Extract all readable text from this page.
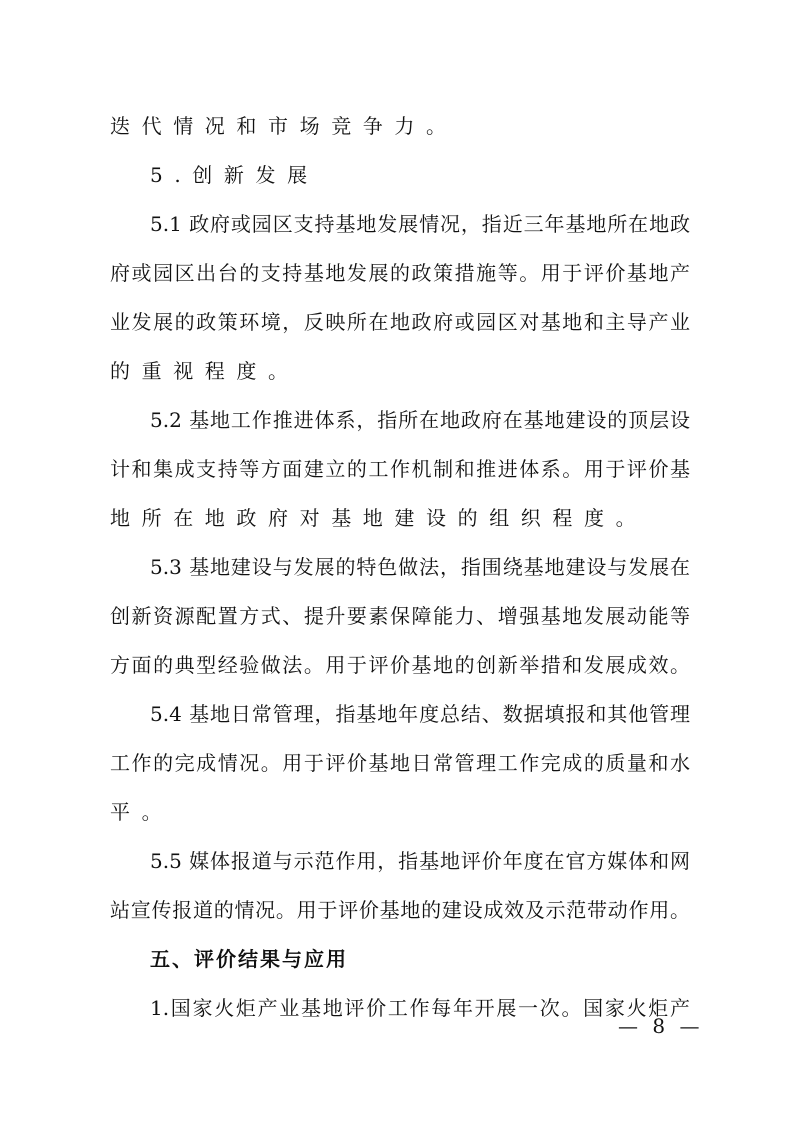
迭代情况和市场竞争力。
5.创新发展
5.1 政府或园区支持基地发展情况，指近三年基地所在地政
府或园区出台的支持基地发展的政策措施等。用于评价基地产
业发展的政策环境，反映所在地政府或园区对基地和主导产业
的重视程度。
5.2 基地工作推进体系，指所在地政府在基地建设的顶层设
计和集成支持等方面建立的工作机制和推进体系。用于评价基
地所在地政府对基地建设的组织程度。
5.3 基地建设与发展的特色做法，指围绕基地建设与发展在
创新资源配置方式、提升要素保障能力、增强基地发展动能等
方面的典型经验做法。用于评价基地的创新举措和发展成效。
5.4 基地日常管理，指基地年度总结、数据填报和其他管理
工作的完成情况。用于评价基地日常管理工作完成的质量和水
平。
5.5 媒体报道与示范作用，指基地评价年度在官方媒体和网
站宣传报道的情况。用于评价基地的建设成效及示范带动作用。
五、评价结果与应用
1.国家火炬产业基地评价工作每年开展一次。国家火炬产
— 8 —
